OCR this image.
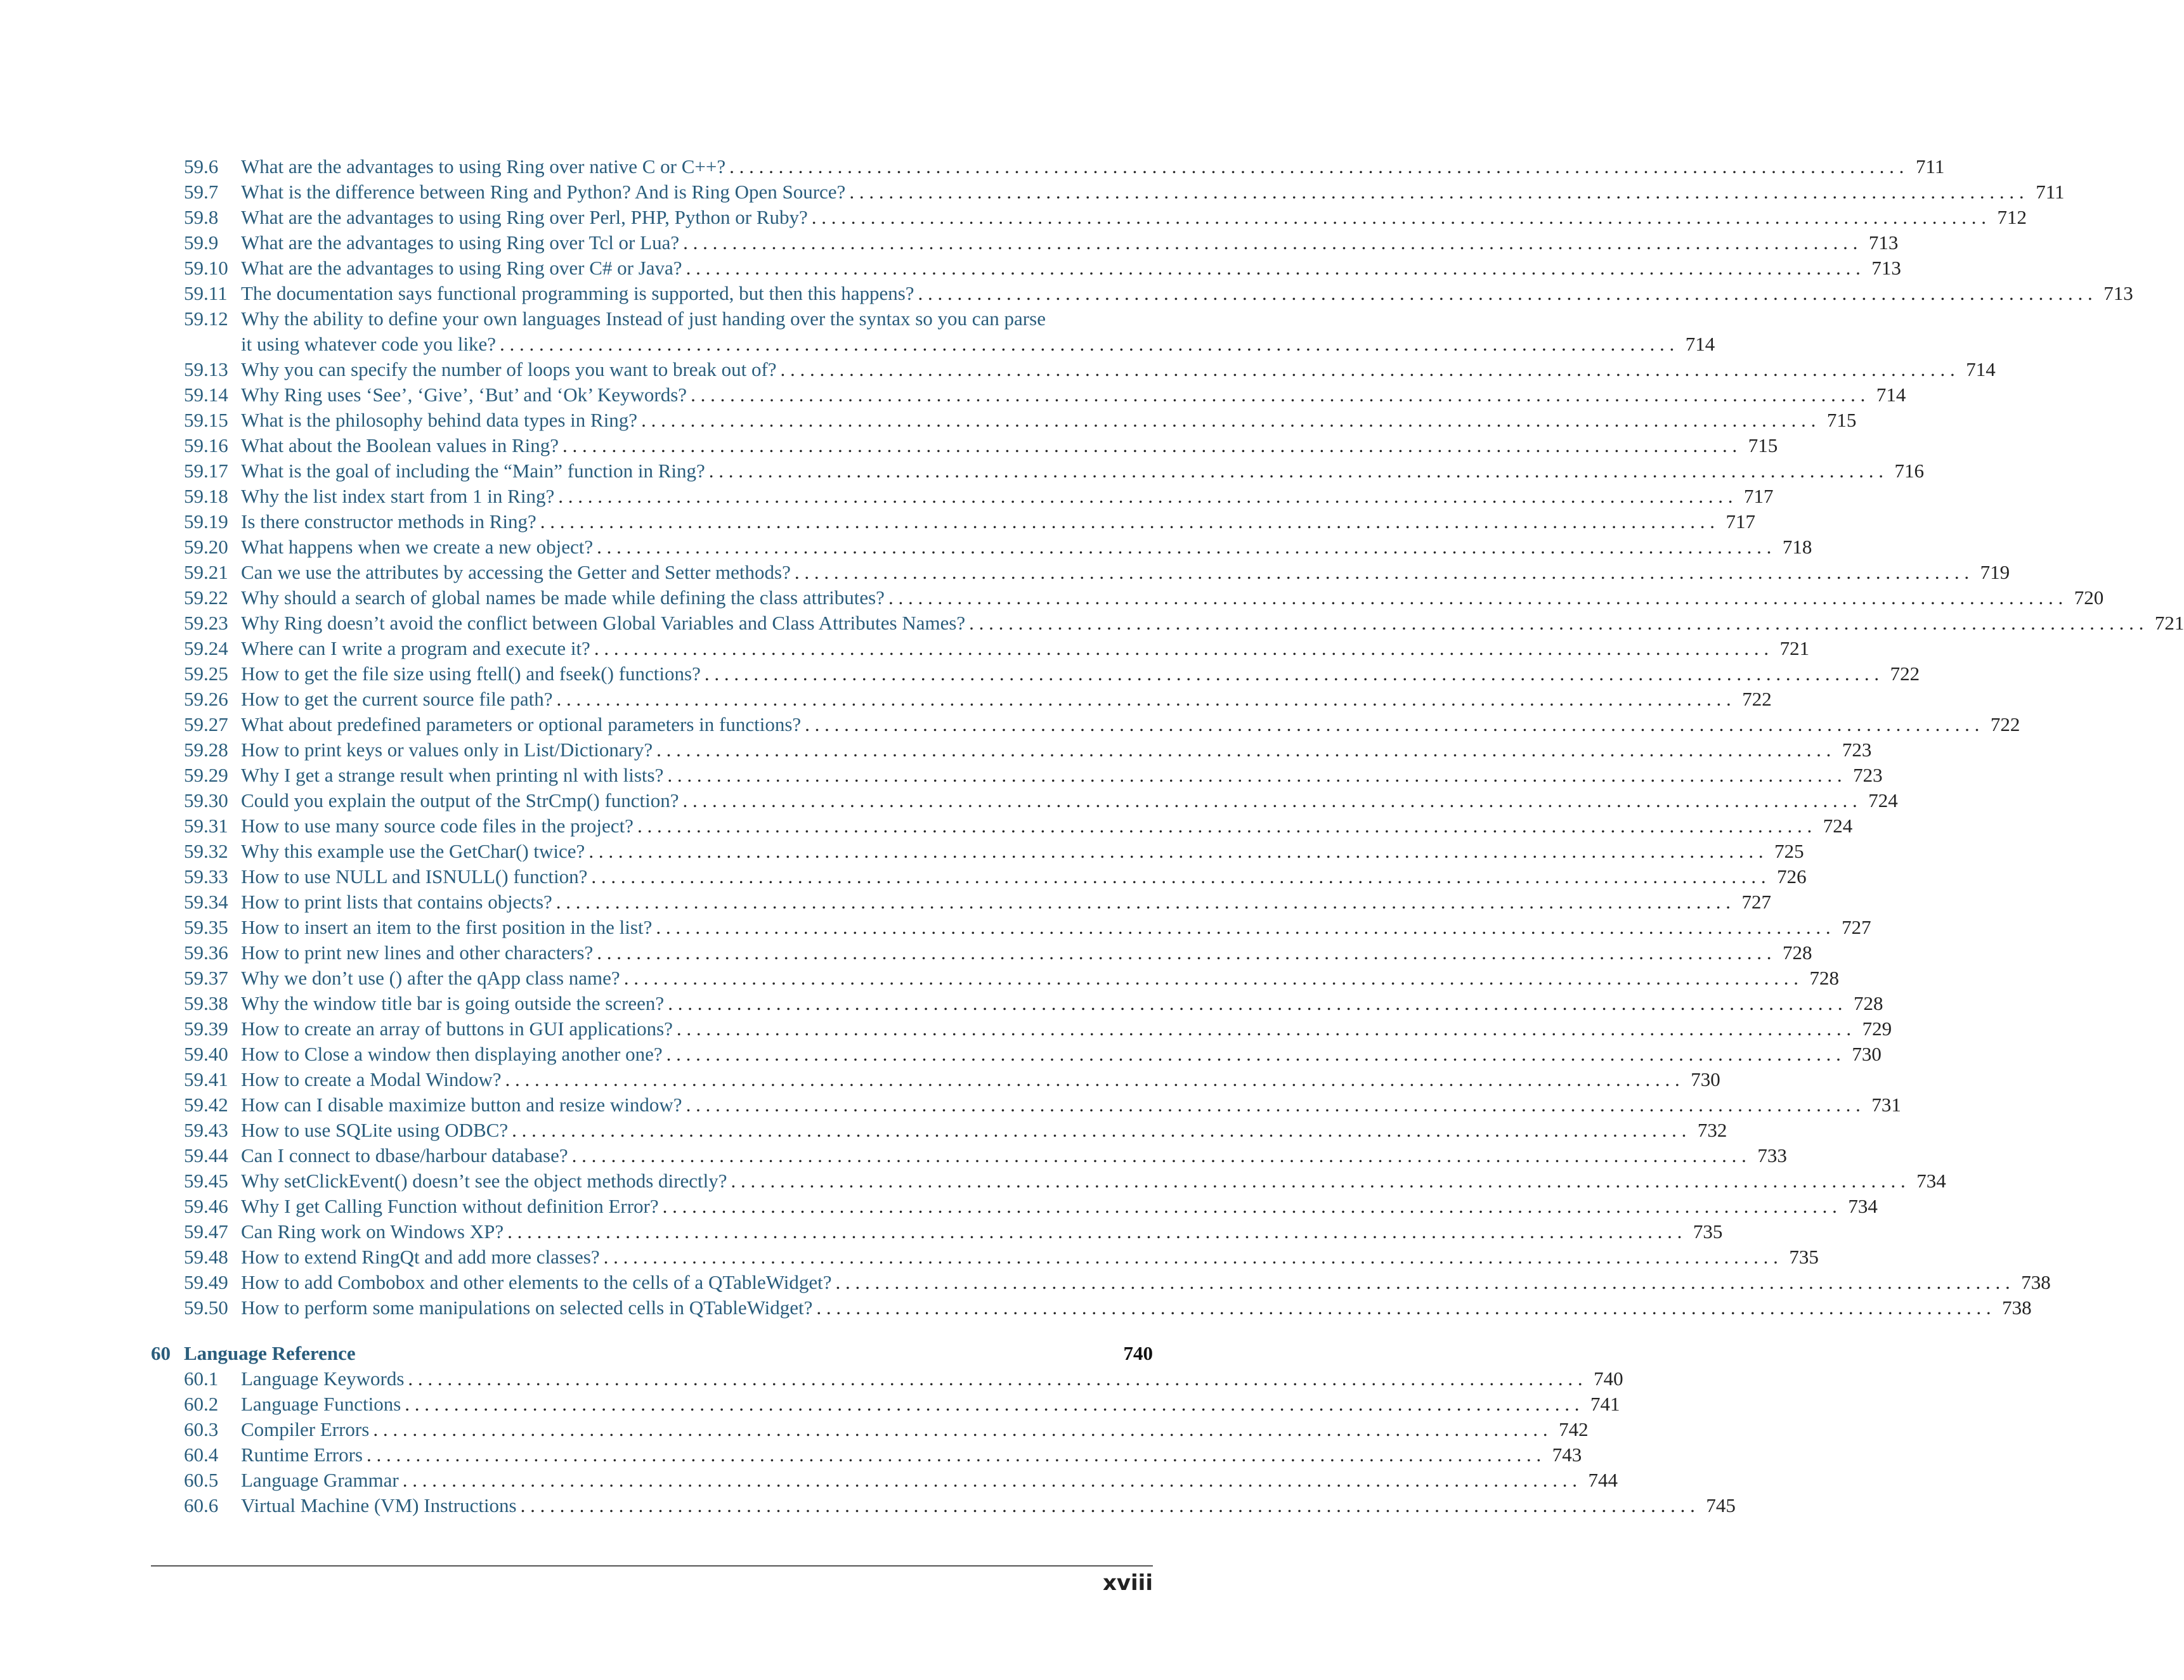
59.6 What are the advantages to using Ring over native C or C++? . . . . . . . . . . . . . . . . . . . . . . . . . . . . . . . . . . . . . . . . . . . . . . . . . . . . . . . . . . . . . . . . . . . . . . . . . . . . . . . . . . . . . . . . . . . . . . . . . . . . . . . . . . . . . . . . . . . . . . . . 711
59.7 What is the difference between Ring and Python? And is Ring Open Source? . . . . . . . . . . . . . . . . . . . . . . . . . . . . . . . . . . . . . . . . . . . . . . . . . . . . . . . . . . . . . . . . . . . . . . . . . . . . . . . . . . . . . . . . . . . . . . . . . . . . . . . . . . . . . . . . . . . . . . . . 711
59.8 What are the advantages to using Ring over Perl, PHP, Python or Ruby? . . . . . . . . . . . . . . . . . . . . . . . . . . . . . . . . . . . . . . . . . . . . . . . . . . . . . . . . . . . . . . . . . . . . . . . . . . . . . . . . . . . . . . . . . . . . . . . . . . . . . . . . . . . . . . . . . . . . . . . . 712
59.9 What are the advantages to using Ring over Tcl or Lua? . . . . . . . . . . . . . . . . . . . . . . . . . . . . . . . . . . . . . . . . . . . . . . . . . . . . . . . . . . . . . . . . . . . . . . . . . . . . . . . . . . . . . . . . . . . . . . . . . . . . . . . . . . . . . . . . . . . . . . . . 713
59.10 What are the advantages to using Ring over C# or Java? . . . . . . . . . . . . . . . . . . . . . . . . . . . . . . . . . . . . . . . . . . . . . . . . . . . . . . . . . . . . . . . . . . . . . . . . . . . . . . . . . . . . . . . . . . . . . . . . . . . . . . . . . . . . . . . . . . . . . . . . 713
59.11 The documentation says functional programming is supported, but then this happens? . . . . . . . . . . . . . . . . . . . . . . . . . . . . . . . . . . . . . . . . . . . . . . . . . . . . . . . . . . . . . . . . . . . . . . . . . . . . . . . . . . . . . . . . . . . . . . . . . . . . . . . . . . . . . . . . . . . . . . . . 713
59.12 Why the ability to define your own languages Instead of just handing over the syntax so you can parse
it using whatever code you like? . . . . . . . . . . . . . . . . . . . . . . . . . . . . . . . . . . . . . . . . . . . . . . . . . . . . . . . . . . . . . . . . . . . . . . . . . . . . . . . . . . . . . . . . . . . . . . . . . . . . . . . . . . . . . . . . . . . . . . . . 714
59.13 Why you can specify the number of loops you want to break out of? . . . . . . . . . . . . . . . . . . . . . . . . . . . . . . . . . . . . . . . . . . . . . . . . . . . . . . . . . . . . . . . . . . . . . . . . . . . . . . . . . . . . . . . . . . . . . . . . . . . . . . . . . . . . . . . . . . . . . . . . 714
59.14 Why Ring uses ‘See’, ‘Give’, ‘But’ and ‘Ok’ Keywords? . . . . . . . . . . . . . . . . . . . . . . . . . . . . . . . . . . . . . . . . . . . . . . . . . . . . . . . . . . . . . . . . . . . . . . . . . . . . . . . . . . . . . . . . . . . . . . . . . . . . . . . . . . . . . . . . . . . . . . . . 714
59.15 What is the philosophy behind data types in Ring? . . . . . . . . . . . . . . . . . . . . . . . . . . . . . . . . . . . . . . . . . . . . . . . . . . . . . . . . . . . . . . . . . . . . . . . . . . . . . . . . . . . . . . . . . . . . . . . . . . . . . . . . . . . . . . . . . . . . . . . . 715
59.16 What about the Boolean values in Ring? . . . . . . . . . . . . . . . . . . . . . . . . . . . . . . . . . . . . . . . . . . . . . . . . . . . . . . . . . . . . . . . . . . . . . . . . . . . . . . . . . . . . . . . . . . . . . . . . . . . . . . . . . . . . . . . . . . . . . . . . 715
59.17 What is the goal of including the “Main” function in Ring? . . . . . . . . . . . . . . . . . . . . . . . . . . . . . . . . . . . . . . . . . . . . . . . . . . . . . . . . . . . . . . . . . . . . . . . . . . . . . . . . . . . . . . . . . . . . . . . . . . . . . . . . . . . . . . . . . . . . . . . . 716
59.18 Why the list index start from 1 in Ring? . . . . . . . . . . . . . . . . . . . . . . . . . . . . . . . . . . . . . . . . . . . . . . . . . . . . . . . . . . . . . . . . . . . . . . . . . . . . . . . . . . . . . . . . . . . . . . . . . . . . . . . . . . . . . . . . . . . . . . . . 717
59.19 Is there constructor methods in Ring? . . . . . . . . . . . . . . . . . . . . . . . . . . . . . . . . . . . . . . . . . . . . . . . . . . . . . . . . . . . . . . . . . . . . . . . . . . . . . . . . . . . . . . . . . . . . . . . . . . . . . . . . . . . . . . . . . . . . . . . . 717
59.20 What happens when we create a new object? . . . . . . . . . . . . . . . . . . . . . . . . . . . . . . . . . . . . . . . . . . . . . . . . . . . . . . . . . . . . . . . . . . . . . . . . . . . . . . . . . . . . . . . . . . . . . . . . . . . . . . . . . . . . . . . . . . . . . . . . 718
59.21 Can we use the attributes by accessing the Getter and Setter methods? . . . . . . . . . . . . . . . . . . . . . . . . . . . . . . . . . . . . . . . . . . . . . . . . . . . . . . . . . . . . . . . . . . . . . . . . . . . . . . . . . . . . . . . . . . . . . . . . . . . . . . . . . . . . . . . . . . . . . . . . 719
59.22 Why should a search of global names be made while defining the class attributes? . . . . . . . . . . . . . . . . . . . . . . . . . . . . . . . . . . . . . . . . . . . . . . . . . . . . . . . . . . . . . . . . . . . . . . . . . . . . . . . . . . . . . . . . . . . . . . . . . . . . . . . . . . . . . . . . . . . . . . . . 720
59.23 Why Ring doesn’t avoid the conflict between Global Variables and Class Attributes Names? . . . . . . . . . . . . . . . . . . . . . . . . . . . . . . . . . . . . . . . . . . . . . . . . . . . . . . . . . . . . . . . . . . . . . . . . . . . . . . . . . . . . . . . . . . . . . . . . . . . . . . . . . . . . . . . . . . . . . . . . 721
59.24 Where can I write a program and execute it? . . . . . . . . . . . . . . . . . . . . . . . . . . . . . . . . . . . . . . . . . . . . . . . . . . . . . . . . . . . . . . . . . . . . . . . . . . . . . . . . . . . . . . . . . . . . . . . . . . . . . . . . . . . . . . . . . . . . . . . . 721
59.25 How to get the file size using ftell() and fseek() functions? . . . . . . . . . . . . . . . . . . . . . . . . . . . . . . . . . . . . . . . . . . . . . . . . . . . . . . . . . . . . . . . . . . . . . . . . . . . . . . . . . . . . . . . . . . . . . . . . . . . . . . . . . . . . . . . . . . . . . . . . 722
59.26 How to get the current source file path? . . . . . . . . . . . . . . . . . . . . . . . . . . . . . . . . . . . . . . . . . . . . . . . . . . . . . . . . . . . . . . . . . . . . . . . . . . . . . . . . . . . . . . . . . . . . . . . . . . . . . . . . . . . . . . . . . . . . . . . . 722
59.27 What about predefined parameters or optional parameters in functions? . . . . . . . . . . . . . . . . . . . . . . . . . . . . . . . . . . . . . . . . . . . . . . . . . . . . . . . . . . . . . . . . . . . . . . . . . . . . . . . . . . . . . . . . . . . . . . . . . . . . . . . . . . . . . . . . . . . . . . . . 722
59.28 How to print keys or values only in List/Dictionary? . . . . . . . . . . . . . . . . . . . . . . . . . . . . . . . . . . . . . . . . . . . . . . . . . . . . . . . . . . . . . . . . . . . . . . . . . . . . . . . . . . . . . . . . . . . . . . . . . . . . . . . . . . . . . . . . . . . . . . . . 723
59.29 Why I get a strange result when printing nl with lists? . . . . . . . . . . . . . . . . . . . . . . . . . . . . . . . . . . . . . . . . . . . . . . . . . . . . . . . . . . . . . . . . . . . . . . . . . . . . . . . . . . . . . . . . . . . . . . . . . . . . . . . . . . . . . . . . . . . . . . . . 723
59.30 Could you explain the output of the StrCmp() function? . . . . . . . . . . . . . . . . . . . . . . . . . . . . . . . . . . . . . . . . . . . . . . . . . . . . . . . . . . . . . . . . . . . . . . . . . . . . . . . . . . . . . . . . . . . . . . . . . . . . . . . . . . . . . . . . . . . . . . . . 724
59.31 How to use many source code files in the project? . . . . . . . . . . . . . . . . . . . . . . . . . . . . . . . . . . . . . . . . . . . . . . . . . . . . . . . . . . . . . . . . . . . . . . . . . . . . . . . . . . . . . . . . . . . . . . . . . . . . . . . . . . . . . . . . . . . . . . . . 724
59.32 Why this example use the GetChar() twice? . . . . . . . . . . . . . . . . . . . . . . . . . . . . . . . . . . . . . . . . . . . . . . . . . . . . . . . . . . . . . . . . . . . . . . . . . . . . . . . . . . . . . . . . . . . . . . . . . . . . . . . . . . . . . . . . . . . . . . . . 725
59.33 How to use NULL and ISNULL() function? . . . . . . . . . . . . . . . . . . . . . . . . . . . . . . . . . . . . . . . . . . . . . . . . . . . . . . . . . . . . . . . . . . . . . . . . . . . . . . . . . . . . . . . . . . . . . . . . . . . . . . . . . . . . . . . . . . . . . . . . 726
59.34 How to print lists that contains objects? . . . . . . . . . . . . . . . . . . . . . . . . . . . . . . . . . . . . . . . . . . . . . . . . . . . . . . . . . . . . . . . . . . . . . . . . . . . . . . . . . . . . . . . . . . . . . . . . . . . . . . . . . . . . . . . . . . . . . . . . 727
59.35 How to insert an item to the first position in the list? . . . . . . . . . . . . . . . . . . . . . . . . . . . . . . . . . . . . . . . . . . . . . . . . . . . . . . . . . . . . . . . . . . . . . . . . . . . . . . . . . . . . . . . . . . . . . . . . . . . . . . . . . . . . . . . . . . . . . . . . 727
59.36 How to print new lines and other characters? . . . . . . . . . . . . . . . . . . . . . . . . . . . . . . . . . . . . . . . . . . . . . . . . . . . . . . . . . . . . . . . . . . . . . . . . . . . . . . . . . . . . . . . . . . . . . . . . . . . . . . . . . . . . . . . . . . . . . . . . 728
59.37 Why we don’t use () after the qApp class name? . . . . . . . . . . . . . . . . . . . . . . . . . . . . . . . . . . . . . . . . . . . . . . . . . . . . . . . . . . . . . . . . . . . . . . . . . . . . . . . . . . . . . . . . . . . . . . . . . . . . . . . . . . . . . . . . . . . . . . . . 728
59.38 Why the window title bar is going outside the screen? . . . . . . . . . . . . . . . . . . . . . . . . . . . . . . . . . . . . . . . . . . . . . . . . . . . . . . . . . . . . . . . . . . . . . . . . . . . . . . . . . . . . . . . . . . . . . . . . . . . . . . . . . . . . . . . . . . . . . . . . 728
59.39 How to create an array of buttons in GUI applications? . . . . . . . . . . . . . . . . . . . . . . . . . . . . . . . . . . . . . . . . . . . . . . . . . . . . . . . . . . . . . . . . . . . . . . . . . . . . . . . . . . . . . . . . . . . . . . . . . . . . . . . . . . . . . . . . . . . . . . . . 729
59.40 How to Close a window then displaying another one? . . . . . . . . . . . . . . . . . . . . . . . . . . . . . . . . . . . . . . . . . . . . . . . . . . . . . . . . . . . . . . . . . . . . . . . . . . . . . . . . . . . . . . . . . . . . . . . . . . . . . . . . . . . . . . . . . . . . . . . . 730
59.41 How to create a Modal Window? . . . . . . . . . . . . . . . . . . . . . . . . . . . . . . . . . . . . . . . . . . . . . . . . . . . . . . . . . . . . . . . . . . . . . . . . . . . . . . . . . . . . . . . . . . . . . . . . . . . . . . . . . . . . . . . . . . . . . . . . 730
59.42 How can I disable maximize button and resize window? . . . . . . . . . . . . . . . . . . . . . . . . . . . . . . . . . . . . . . . . . . . . . . . . . . . . . . . . . . . . . . . . . . . . . . . . . . . . . . . . . . . . . . . . . . . . . . . . . . . . . . . . . . . . . . . . . . . . . . . . 731
59.43 How to use SQLite using ODBC? . . . . . . . . . . . . . . . . . . . . . . . . . . . . . . . . . . . . . . . . . . . . . . . . . . . . . . . . . . . . . . . . . . . . . . . . . . . . . . . . . . . . . . . . . . . . . . . . . . . . . . . . . . . . . . . . . . . . . . . . 732
59.44 Can I connect to dbase/harbour database? . . . . . . . . . . . . . . . . . . . . . . . . . . . . . . . . . . . . . . . . . . . . . . . . . . . . . . . . . . . . . . . . . . . . . . . . . . . . . . . . . . . . . . . . . . . . . . . . . . . . . . . . . . . . . . . . . . . . . . . . 733
59.45 Why setClickEvent() doesn’t see the object methods directly? . . . . . . . . . . . . . . . . . . . . . . . . . . . . . . . . . . . . . . . . . . . . . . . . . . . . . . . . . . . . . . . . . . . . . . . . . . . . . . . . . . . . . . . . . . . . . . . . . . . . . . . . . . . . . . . . . . . . . . . . 734
59.46 Why I get Calling Function without definition Error? . . . . . . . . . . . . . . . . . . . . . . . . . . . . . . . . . . . . . . . . . . . . . . . . . . . . . . . . . . . . . . . . . . . . . . . . . . . . . . . . . . . . . . . . . . . . . . . . . . . . . . . . . . . . . . . . . . . . . . . . 734
59.47 Can Ring work on Windows XP? . . . . . . . . . . . . . . . . . . . . . . . . . . . . . . . . . . . . . . . . . . . . . . . . . . . . . . . . . . . . . . . . . . . . . . . . . . . . . . . . . . . . . . . . . . . . . . . . . . . . . . . . . . . . . . . . . . . . . . . . 735
59.48 How to extend RingQt and add more classes? . . . . . . . . . . . . . . . . . . . . . . . . . . . . . . . . . . . . . . . . . . . . . . . . . . . . . . . . . . . . . . . . . . . . . . . . . . . . . . . . . . . . . . . . . . . . . . . . . . . . . . . . . . . . . . . . . . . . . . . . 735
59.49 How to add Combobox and other elements to the cells of a QTableWidget? . . . . . . . . . . . . . . . . . . . . . . . . . . . . . . . . . . . . . . . . . . . . . . . . . . . . . . . . . . . . . . . . . . . . . . . . . . . . . . . . . . . . . . . . . . . . . . . . . . . . . . . . . . . . . . . . . . . . . . . . 738
59.50 How to perform some manipulations on selected cells in QTableWidget? . . . . . . . . . . . . . . . . . . . . . . . . . . . . . . . . . . . . . . . . . . . . . . . . . . . . . . . . . . . . . . . . . . . . . . . . . . . . . . . . . . . . . . . . . . . . . . . . . . . . . . . . . . . . . . . . . . . . . . . . 738
60 Language Reference	740
60.1 Language Keywords . . . . . . . . . . . . . . . . . . . . . . . . . . . . . . . . . . . . . . . . . . . . . . . . . . . . . . . . . . . . . . . . . . . . . . . . . . . . . . . . . . . . . . . . . . . . . . . . . . . . . . . . . . . . . . . . . . . . . . . . 740
60.2 Language Functions . . . . . . . . . . . . . . . . . . . . . . . . . . . . . . . . . . . . . . . . . . . . . . . . . . . . . . . . . . . . . . . . . . . . . . . . . . . . . . . . . . . . . . . . . . . . . . . . . . . . . . . . . . . . . . . . . . . . . . . . 741
60.3 Compiler Errors . . . . . . . . . . . . . . . . . . . . . . . . . . . . . . . . . . . . . . . . . . . . . . . . . . . . . . . . . . . . . . . . . . . . . . . . . . . . . . . . . . . . . . . . . . . . . . . . . . . . . . . . . . . . . . . . . . . . . . . . 742
60.4 Runtime Errors . . . . . . . . . . . . . . . . . . . . . . . . . . . . . . . . . . . . . . . . . . . . . . . . . . . . . . . . . . . . . . . . . . . . . . . . . . . . . . . . . . . . . . . . . . . . . . . . . . . . . . . . . . . . . . . . . . . . . . . . 743
60.5 Language Grammar . . . . . . . . . . . . . . . . . . . . . . . . . . . . . . . . . . . . . . . . . . . . . . . . . . . . . . . . . . . . . . . . . . . . . . . . . . . . . . . . . . . . . . . . . . . . . . . . . . . . . . . . . . . . . . . . . . . . . . . . 744
60.6 Virtual Machine (VM) Instructions . . . . . . . . . . . . . . . . . . . . . . . . . . . . . . . . . . . . . . . . . . . . . . . . . . . . . . . . . . . . . . . . . . . . . . . . . . . . . . . . . . . . . . . . . . . . . . . . . . . . . . . . . . . . . . . . . . . . . . . . 745
xviii
